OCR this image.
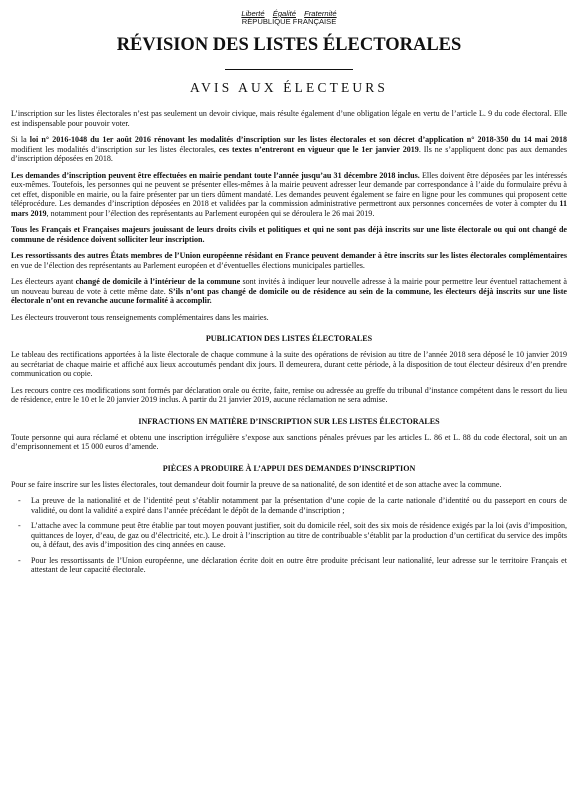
Liberté Égalité Fraternité
RÉPUBLIQUE FRANÇAISE
RÉVISION DES LISTES ÉLECTORALES
AVIS AUX ÉLECTEURS

L’inscription sur les listes électorales n’est pas seulement un devoir civique, mais résulte également d’une obligation légale en vertu de l’article L. 9 du code électoral. Elle est indispensable pour pouvoir voter.

Si la loi n° 2016-1048 du 1er août 2016 rénovant les modalités d’inscription sur les listes électorales et son décret d’application n° 2018-350 du 14 mai 2018 modifient les modalités d’inscription sur les listes électorales, ces textes n’entreront en vigueur que le 1er janvier 2019. Ils ne s’appliquent donc pas aux demandes d’inscription déposées en 2018.

Les demandes d’inscription peuvent être effectuées en mairie pendant toute l’année jusqu’au 31 décembre 2018 inclus. Elles doivent être déposées par les intéressés eux-mêmes. Toutefois, les personnes qui ne peuvent se présenter elles-mêmes à la mairie peuvent adresser leur demande par correspondance à l’aide du formulaire prévu à cet effet, disponible en mairie, ou la faire présenter par un tiers dûment mandaté. Les demandes peuvent également se faire en ligne pour les communes qui proposent cette téléprocédure. Les demandes d’inscription déposées en 2018 et validées par la commission administrative permettront aux personnes concernées de voter à compter du 11 mars 2019, notamment pour l’élection des représentants au Parlement européen qui se déroulera le 26 mai 2019.

Tous les Français et Françaises majeurs jouissant de leurs droits civils et politiques et qui ne sont pas déjà inscrits sur une liste électorale ou qui ont changé de commune de résidence doivent solliciter leur inscription.

Les ressortissants des autres États membres de l’Union européenne résidant en France peuvent demander à être inscrits sur les listes électorales complémentaires en vue de l’élection des représentants au Parlement européen et d’éventuelles élections municipales partielles.

Les électeurs ayant changé de domicile à l’intérieur de la commune sont invités à indiquer leur nouvelle adresse à la mairie pour permettre leur éventuel rattachement à un nouveau bureau de vote à cette même date. S’ils n’ont pas changé de domicile ou de résidence au sein de la commune, les électeurs déjà inscrits sur une liste électorale n’ont en revanche aucune formalité à accomplir.

Les électeurs trouveront tous renseignements complémentaires dans les mairies.

PUBLICATION DES LISTES ÉLECTORALES

Le tableau des rectifications apportées à la liste électorale de chaque commune à la suite des opérations de révision au titre de l’année 2018 sera déposé le 10 janvier 2019 au secrétariat de chaque mairie et affiché aux lieux accoutumés pendant dix jours. Il demeurera, durant cette période, à la disposition de tout électeur désireux d’en prendre communication ou copie.

Les recours contre ces modifications sont formés par déclaration orale ou écrite, faite, remise ou adressée au greffe du tribunal d’instance compétent dans le ressort du lieu de résidence, entre le 10 et le 20 janvier 2019 inclus. A partir du 21 janvier 2019, aucune réclamation ne sera admise.

INFRACTIONS EN MATIÈRE D’INSCRIPTION SUR LES LISTES ÉLECTORALES

Toute personne qui aura réclamé et obtenu une inscription irrégulière s’expose aux sanctions pénales prévues par les articles L. 86 et L. 88 du code électoral, soit un an d’emprisonnement et 15 000 euros d’amende.

PIÈCES A PRODUIRE À L’APPUI DES DEMANDES D’INSCRIPTION

Pour se faire inscrire sur les listes électorales, tout demandeur doit fournir la preuve de sa nationalité, de son identité et de son attache avec la commune.

- La preuve de la nationalité et de l’identité peut s’établir notamment par la présentation d’une copie de la carte nationale d’identité ou du passeport en cours de validité, ou dont la validité a expiré dans l’année précédant le dépôt de la demande d’inscription ;
- L’attache avec la commune peut être établie par tout moyen pouvant justifier, soit du domicile réel, soit des six mois de résidence exigés par la loi (avis d’imposition, quittances de loyer, d’eau, de gaz ou d’électricité, etc.). Le droit à l’inscription au titre de contribuable s’établit par la production d’un certificat du service des impôts ou, à défaut, des avis d’imposition des cinq années en cause.
- Pour les ressortissants de l’Union européenne, une déclaration écrite doit en outre être produite précisant leur nationalité, leur adresse sur le territoire Français et attestant de leur capacité électorale.
